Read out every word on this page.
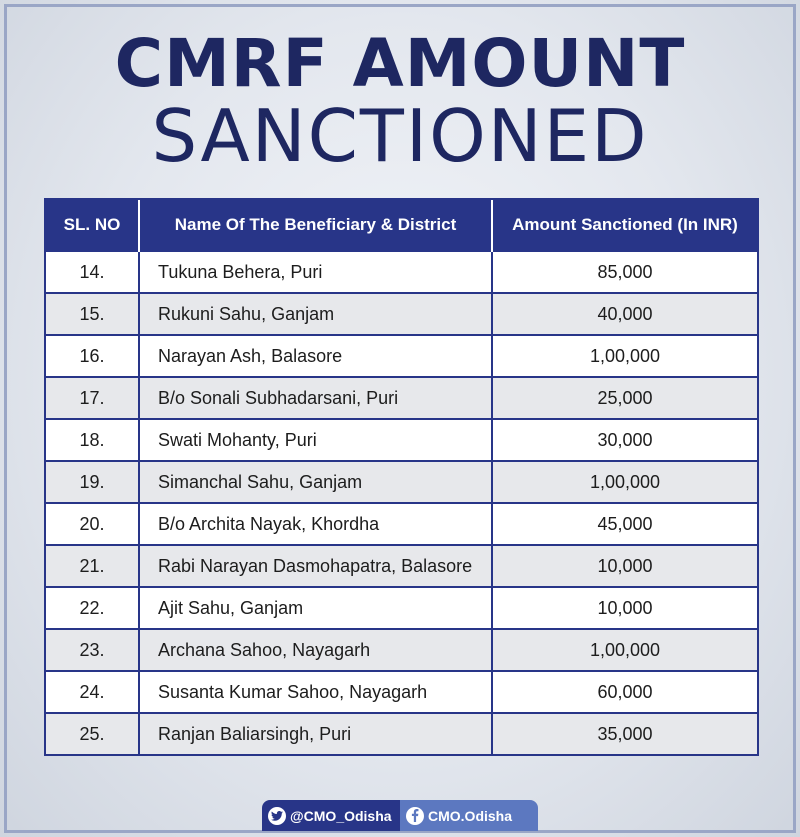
CMRF AMOUNT
SANCTIONED
SL. NO	Name Of The Beneficiary & District	Amount Sanctioned (In INR)
14.	Tukuna Behera, Puri	85,000
15.	Rukuni Sahu, Ganjam	40,000
16.	Narayan Ash, Balasore	1,00,000
17.	B/o Sonali Subhadarsani, Puri	25,000
18.	Swati Mohanty, Puri	30,000
19.	Simanchal Sahu, Ganjam	1,00,000
20.	B/o Archita Nayak, Khordha	45,000
21.	Rabi Narayan Dasmohapatra, Balasore	10,000
22.	Ajit Sahu, Ganjam	10,000
23.	Archana Sahoo, Nayagarh	1,00,000
24.	Susanta Kumar Sahoo, Nayagarh	60,000
25.	Ranjan Baliarsingh, Puri	35,000
@CMO_Odisha	CMO.Odisha
